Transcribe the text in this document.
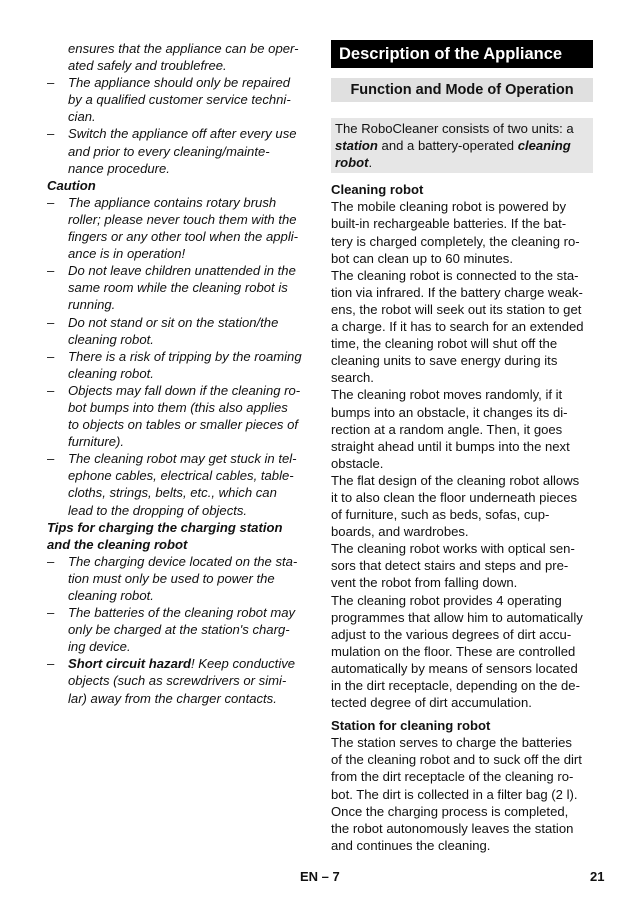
ensures that the appliance can be oper-
ated safely and troublefree.
–	The appliance should only be repaired
by a qualified customer service techni-
cian.
–	Switch the appliance off after every use
and prior to every cleaning/mainte-
nance procedure.
Caution
–	The appliance contains rotary brush
roller; please never touch them with the
fingers or any other tool when the appli-
ance is in operation!
–	Do not leave children unattended in the
same room while the cleaning robot is
running.
–	Do not stand or sit on the station/the
cleaning robot.
–	There is a risk of tripping by the roaming
cleaning robot.
–	Objects may fall down if the cleaning ro-
bot bumps into them (this also applies
to objects on tables or smaller pieces of
furniture).
–	The cleaning robot may get stuck in tel-
ephone cables, electrical cables, table-
cloths, strings, belts, etc., which can
lead to the dropping of objects.
Tips for charging the charging station
and the cleaning robot
–	The charging device located on the sta-
tion must only be used to power the
cleaning robot.
–	The batteries of the cleaning robot may
only be charged at the station's charg-
ing device.
–	Short circuit hazard! Keep conductive
objects (such as screwdrivers or simi-
lar) away from the charger contacts.
Description of the Appliance
Function and Mode of Operation
The RoboCleaner consists of two units: a
station and a battery-operated cleaning
robot.
Cleaning robot
The mobile cleaning robot is powered by
built-in rechargeable batteries. If the bat-
tery is charged completely, the cleaning ro-
bot can clean up to 60 minutes.
The cleaning robot is connected to the sta-
tion via infrared. If the battery charge weak-
ens, the robot will seek out its station to get
a charge. If it has to search for an extended
time, the cleaning robot will shut off the
cleaning units to save energy during its
search.
The cleaning robot moves randomly, if it
bumps into an obstacle, it changes its di-
rection at a random angle. Then, it goes
straight ahead until it bumps into the next
obstacle.
The flat design of the cleaning robot allows
it to also clean the floor underneath pieces
of furniture, such as beds, sofas, cup-
boards, and wardrobes.
The cleaning robot works with optical sen-
sors that detect stairs and steps and pre-
vent the robot from falling down.
The cleaning robot provides 4 operating
programmes that allow him to automatically
adjust to the various degrees of dirt accu-
mulation on the floor. These are controlled
automatically by means of sensors located
in the dirt receptacle, depending on the de-
tected degree of dirt accumulation.
Station for cleaning robot
The station serves to charge the batteries
of the cleaning robot and to suck off the dirt
from the dirt receptacle of the cleaning ro-
bot. The dirt is collected in a filter bag (2 l).
Once the charging process is completed,
the robot autonomously leaves the station
and continues the cleaning.
EN – 7	21
